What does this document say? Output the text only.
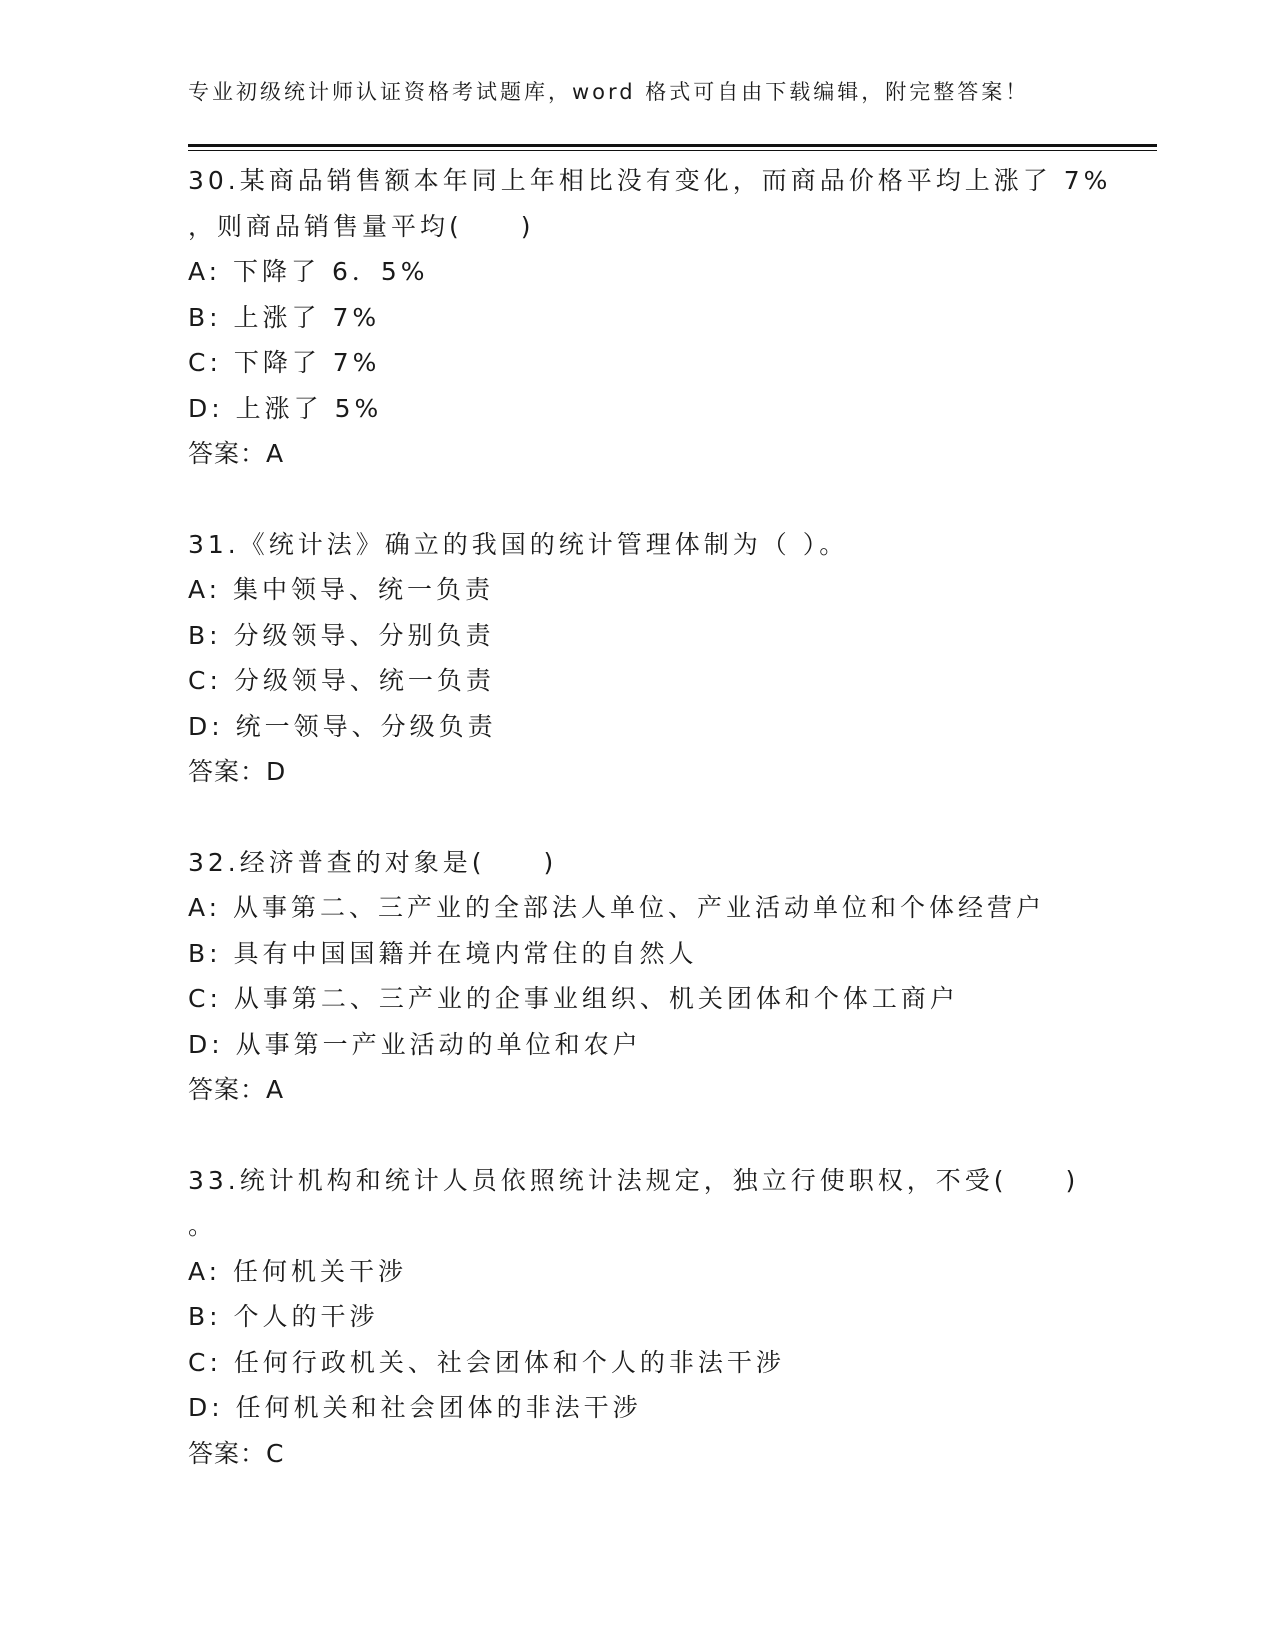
专业初级统计师认证资格考试题库，word 格式可自由下载编辑，附完整答案！
30.某商品销售额本年同上年相比没有变化，而商品价格平均上涨了 7%
，则商品销售量平均(　　)
A: 下降了 6．5%
B: 上涨了 7%
C: 下降了 7%
D: 上涨了 5%
答案：A
31.《统计法》确立的我国的统计管理体制为（ ）。
A: 集中领导、统一负责
B: 分级领导、分别负责
C: 分级领导、统一负责
D: 统一领导、分级负责
答案：D
32.经济普查的对象是(　　)
A: 从事第二、三产业的全部法人单位、产业活动单位和个体经营户
B: 具有中国国籍并在境内常住的自然人
C: 从事第二、三产业的企事业组织、机关团体和个体工商户
D: 从事第一产业活动的单位和农户
答案：A
33.统计机构和统计人员依照统计法规定，独立行使职权，不受(　　)
。
A: 任何机关干涉
B: 个人的干涉
C: 任何行政机关、社会团体和个人的非法干涉
D: 任何机关和社会团体的非法干涉
答案：C
